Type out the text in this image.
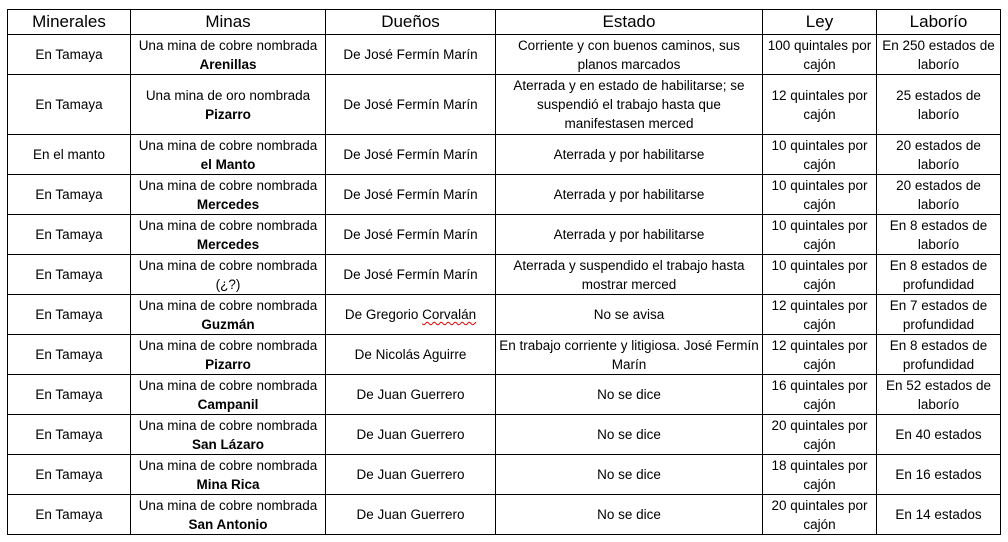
Minerales	Minas	Dueños	Estado	Ley	Laborío
En Tamaya	Una mina de cobre nombrada Arenillas	De José Fermín Marín	Corriente y con buenos caminos, sus planos marcados	100 quintales por cajón	En 250 estados de laborío
En Tamaya	Una mina de oro nombrada Pizarro	De José Fermín Marín	Aterrada y en estado de habilitarse; se suspendió el trabajo hasta que manifestasen merced	12 quintales por cajón	25 estados de laborío
En el manto	Una mina de cobre nombrada el Manto	De José Fermín Marín	Aterrada y por habilitarse	10 quintales por cajón	20 estados de laborío
En Tamaya	Una mina de cobre nombrada Mercedes	De José Fermín Marín	Aterrada y por habilitarse	10 quintales por cajón	20 estados de laborío
En Tamaya	Una mina de cobre nombrada Mercedes	De José Fermín Marín	Aterrada y por habilitarse	10 quintales por cajón	En 8 estados de laborío
En Tamaya	Una mina de cobre nombrada (¿?)	De José Fermín Marín	Aterrada y suspendido el trabajo hasta mostrar merced	10 quintales por cajón	En 8 estados de profundidad
En Tamaya	Una mina de cobre nombrada Guzmán	De Gregorio Corvalán	No se avisa	12 quintales por cajón	En 7 estados de profundidad
En Tamaya	Una mina de cobre nombrada Pizarro	De Nicolás Aguirre	En trabajo corriente y litigiosa. José Fermín Marín	12 quintales por cajón	En 8 estados de profundidad
En Tamaya	Una mina de cobre nombrada Campanil	De Juan Guerrero	No se dice	16 quintales por cajón	En 52 estados de laborío
En Tamaya	Una mina de cobre nombrada San Lázaro	De Juan Guerrero	No se dice	20 quintales por cajón	En 40 estados
En Tamaya	Una mina de cobre nombrada Mina Rica	De Juan Guerrero	No se dice	18 quintales por cajón	En 16 estados
En Tamaya	Una mina de cobre nombrada San Antonio	De Juan Guerrero	No se dice	20 quintales por cajón	En 14 estados
